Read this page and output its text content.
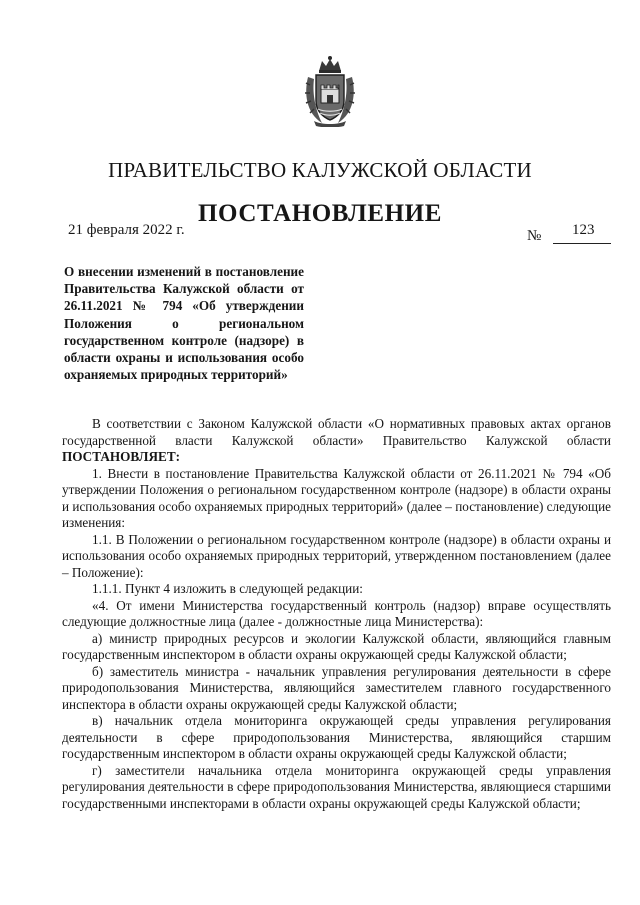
ПРАВИТЕЛЬСТВО КАЛУЖСКОЙ ОБЛАСТИ
ПОСТАНОВЛЕНИЕ
21 февраля 2022 г.	№ 123

О внесении изменений в постановление Правительства Калужской области от 26.11.2021 № 794 «Об утверждении Положения о региональном государственном контроле (надзоре) в области охраны и использования особо охраняемых природных территорий»

В соответствии с Законом Калужской области «О нормативных правовых актах органов государственной власти Калужской области» Правительство Калужской области ПОСТАНОВЛЯЕТ:

1. Внести в постановление Правительства Калужской области от 26.11.2021 № 794 «Об утверждении Положения о региональном государственном контроле (надзоре) в области охраны и использования особо охраняемых природных территорий» (далее – постановление) следующие изменения:

1.1. В Положении о региональном государственном контроле (надзоре) в области охраны и использования особо охраняемых природных территорий, утвержденном постановлением (далее – Положение):

1.1.1. Пункт 4 изложить в следующей редакции:

«4. От имени Министерства государственный контроль (надзор) вправе осуществлять следующие должностные лица (далее - должностные лица Министерства):

а) министр природных ресурсов и экологии Калужской области, являющийся главным государственным инспектором в области охраны окружающей среды Калужской области;

б) заместитель министра - начальник управления регулирования деятельности в сфере природопользования Министерства, являющийся заместителем главного государственного инспектора в области охраны окружающей среды Калужской области;

в) начальник отдела мониторинга окружающей среды управления регулирования деятельности в сфере природопользования Министерства, являющийся старшим государственным инспектором в области охраны окружающей среды Калужской области;

г) заместители начальника отдела мониторинга окружающей среды управления регулирования деятельности в сфере природопользования Министерства, являющиеся старшими государственными инспекторами в области охраны окружающей среды Калужской области;
